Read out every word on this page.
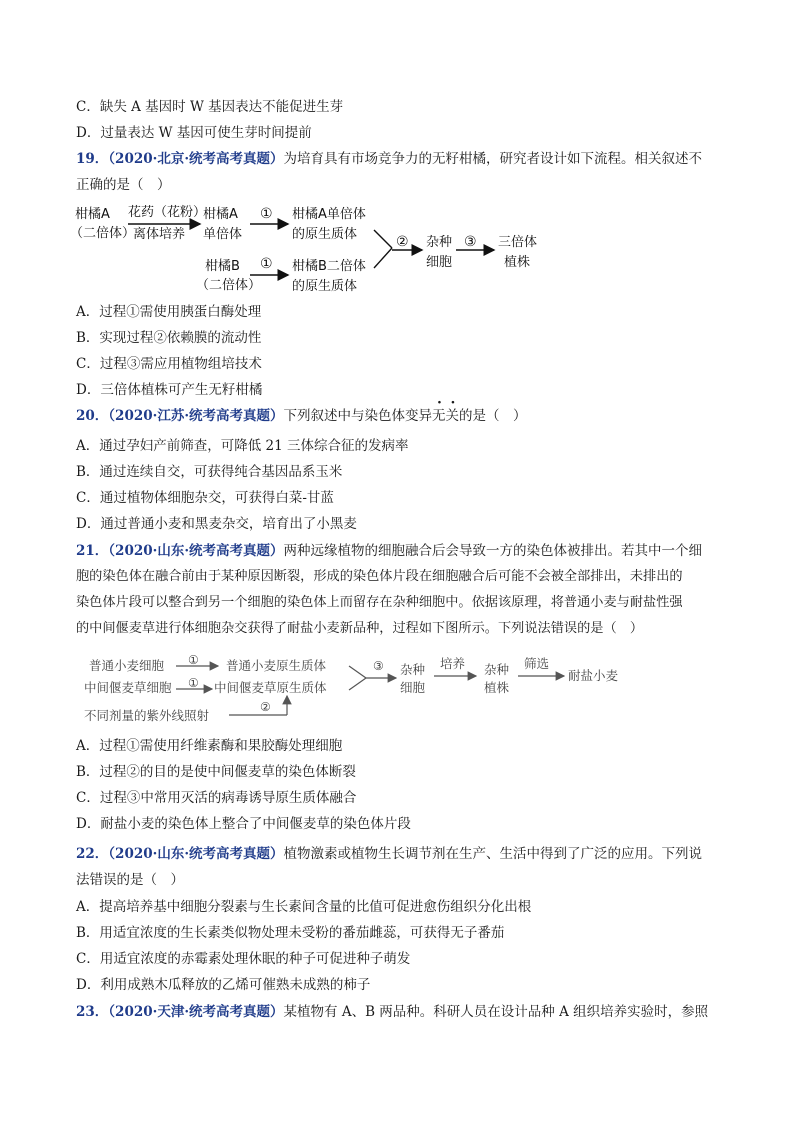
C．缺失 A 基因时 W 基因表达不能促进生芽
D．过量表达 W 基因可使生芽时间提前
19．（2020·北京·统考高考真题）为培育具有市场竞争力的无籽柑橘，研究者设计如下流程。相关叙述不
正确的是（　）
柑橘A
（二倍体）
花药（花粉）
离体培养
柑橘A
单倍体
① 柑橘A单倍体
的原生质体
柑橘B
（二倍体）
① 柑橘B二倍体
的原生质体
② 杂种
细胞
③ 三倍体
植株
A．过程①需使用胰蛋白酶处理
B．实现过程②依赖膜的流动性
C．过程③需应用植物组培技术
D．三倍体植株可产生无籽柑橘
20．（2020·江苏·统考高考真题）下列叙述中与染色体变异无关的是（　）
A．通过孕妇产前筛查，可降低 21 三体综合征的发病率
B．通过连续自交，可获得纯合基因品系玉米
C．通过植物体细胞杂交，可获得白菜-甘蓝
D．通过普通小麦和黑麦杂交，培育出了小黑麦
21．（2020·山东·统考高考真题）两种远缘植物的细胞融合后会导致一方的染色体被排出。若其中一个细
胞的染色体在融合前由于某种原因断裂，形成的染色体片段在细胞融合后可能不会被全部排出，未排出的
染色体片段可以整合到另一个细胞的染色体上而留存在杂种细胞中。依据该原理，将普通小麦与耐盐性强
的中间偃麦草进行体细胞杂交获得了耐盐小麦新品种，过程如下图所示。下列说法错误的是（　）
普通小麦细胞 ① 普通小麦原生质体
中间偃麦草细胞 ① 中间偃麦草原生质体
不同剂量的紫外线照射
②
③ 杂种
细胞
培养 杂种
植株
筛选
耐盐小麦
A．过程①需使用纤维素酶和果胶酶处理细胞
B．过程②的目的是使中间偃麦草的染色体断裂
C．过程③中常用灭活的病毒诱导原生质体融合
D．耐盐小麦的染色体上整合了中间偃麦草的染色体片段
22．（2020·山东·统考高考真题）植物激素或植物生长调节剂在生产、生活中得到了广泛的应用。下列说
法错误的是（　）
A．提高培养基中细胞分裂素与生长素间含量的比值可促进愈伤组织分化出根
B．用适宜浓度的生长素类似物处理未受粉的番茄雌蕊，可获得无子番茄
C．用适宜浓度的赤霉素处理休眠的种子可促进种子萌发
D．利用成熟木瓜释放的乙烯可催熟未成熟的柿子
23．（2020·天津·统考高考真题）某植物有 A、B 两品种。科研人员在设计品种 A 组织培养实验时，参照
